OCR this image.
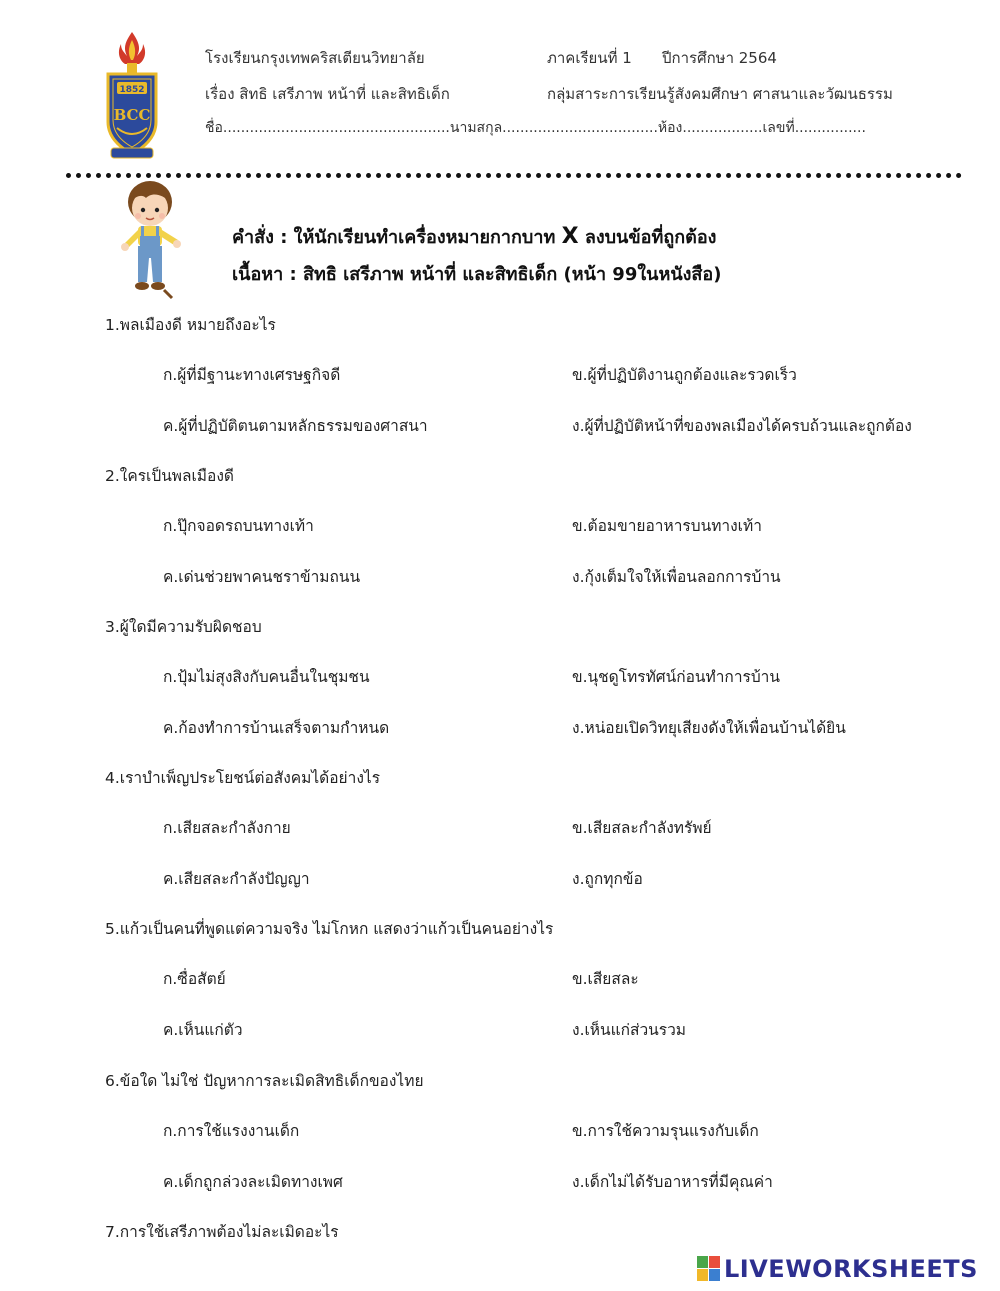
1852
BCC
โรงเรียนกรุงเทพคริสเตียนวิทยาลัย	ภาคเรียนที่ 1 ปีการศึกษา 2564
เรื่อง สิทธิ เสรีภาพ หน้าที่ และสิทธิเด็ก	กลุ่มสาระการเรียนรู้สังคมศึกษา ศาสนาและวัฒนธรรม
ชื่อ...................................................นามสกุล...................................ห้อง..................เลขที่................
คำสั่ง : ให้นักเรียนทำเครื่องหมายกากบาท X ลงบนข้อที่ถูกต้อง
เนื้อหา : สิทธิ เสรีภาพ หน้าที่ และสิทธิเด็ก (หน้า 99ในหนังสือ)
1.พลเมืองดี หมายถึงอะไร
ก.ผู้ที่มีฐานะทางเศรษฐกิจดี	ข.ผู้ที่ปฏิบัติงานถูกต้องและรวดเร็ว
ค.ผู้ที่ปฏิบัติตนตามหลักธรรมของศาสนา	ง.ผู้ที่ปฏิบัติหน้าที่ของพลเมืองได้ครบถ้วนและถูกต้อง
2.ใครเป็นพลเมืองดี
ก.ปุ๊กจอดรถบนทางเท้า	ข.ต้อมขายอาหารบนทางเท้า
ค.เด่นช่วยพาคนชราข้ามถนน	ง.กุ้งเต็มใจให้เพื่อนลอกการบ้าน
3.ผู้ใดมีความรับผิดชอบ
ก.ปุ้มไม่สุงสิงกับคนอื่นในชุมชน	ข.นุชดูโทรทัศน์ก่อนทำการบ้าน
ค.ก้องทำการบ้านเสร็จตามกำหนด	ง.หน่อยเปิดวิทยุเสียงดังให้เพื่อนบ้านได้ยิน
4.เราบำเพ็ญประโยชน์ต่อสังคมได้อย่างไร
ก.เสียสละกำลังกาย	ข.เสียสละกำลังทรัพย์
ค.เสียสละกำลังปัญญา	ง.ถูกทุกข้อ
5.แก้วเป็นคนที่พูดแต่ความจริง ไม่โกหก แสดงว่าแก้วเป็นคนอย่างไร
ก.ซื่อสัตย์	ข.เสียสละ
ค.เห็นแก่ตัว	ง.เห็นแก่ส่วนรวม
6.ข้อใด ไม่ใช่ ปัญหาการละเมิดสิทธิเด็กของไทย
ก.การใช้แรงงานเด็ก	ข.การใช้ความรุนแรงกับเด็ก
ค.เด็กถูกล่วงละเมิดทางเพศ	ง.เด็กไม่ได้รับอาหารที่มีคุณค่า
7.การใช้เสรีภาพต้องไม่ละเมิดอะไร
LIVEWORKSHEETS
